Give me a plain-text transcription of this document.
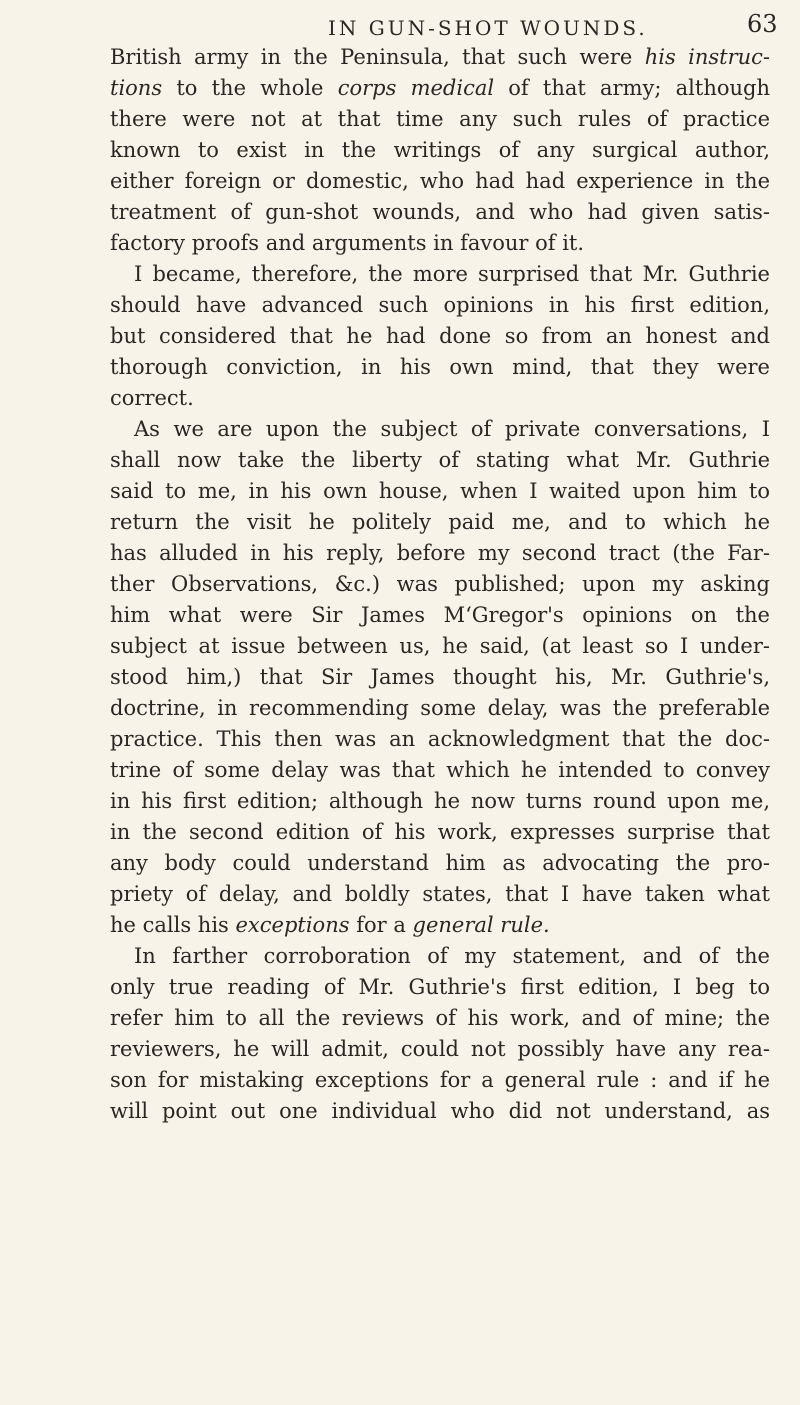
IN GUN-SHOT WOUNDS.	63
British army in the Peninsula, that such were his instruc-
tions to the whole corps medical of that army; although
there were not at that time any such rules of practice
known to exist in the writings of any surgical author,
either foreign or domestic, who had had experience in the
treatment of gun-shot wounds, and who had given satis-
factory proofs and arguments in favour of it.
I became, therefore, the more surprised that Mr. Guthrie
should have advanced such opinions in his first edition,
but considered that he had done so from an honest and
thorough conviction, in his own mind, that they were
correct.
As we are upon the subject of private conversations, I
shall now take the liberty of stating what Mr. Guthrie
said to me, in his own house, when I waited upon him to
return the visit he politely paid me, and to which he
has alluded in his reply, before my second tract (the Far-
ther Observations, &c.) was published; upon my asking
him what were Sir James M‘Gregor's opinions on the
subject at issue between us, he said, (at least so I under-
stood him,) that Sir James thought his, Mr. Guthrie's,
doctrine, in recommending some delay, was the preferable
practice. This then was an acknowledgment that the doc-
trine of some delay was that which he intended to convey
in his first edition; although he now turns round upon me,
in the second edition of his work, expresses surprise that
any body could understand him as advocating the pro-
priety of delay, and boldly states, that I have taken what
he calls his exceptions for a general rule.
In farther corroboration of my statement, and of the
only true reading of Mr. Guthrie's first edition, I beg to
refer him to all the reviews of his work, and of mine; the
reviewers, he will admit, could not possibly have any rea-
son for mistaking exceptions for a general rule : and if he
will point out one individual who did not understand, as
